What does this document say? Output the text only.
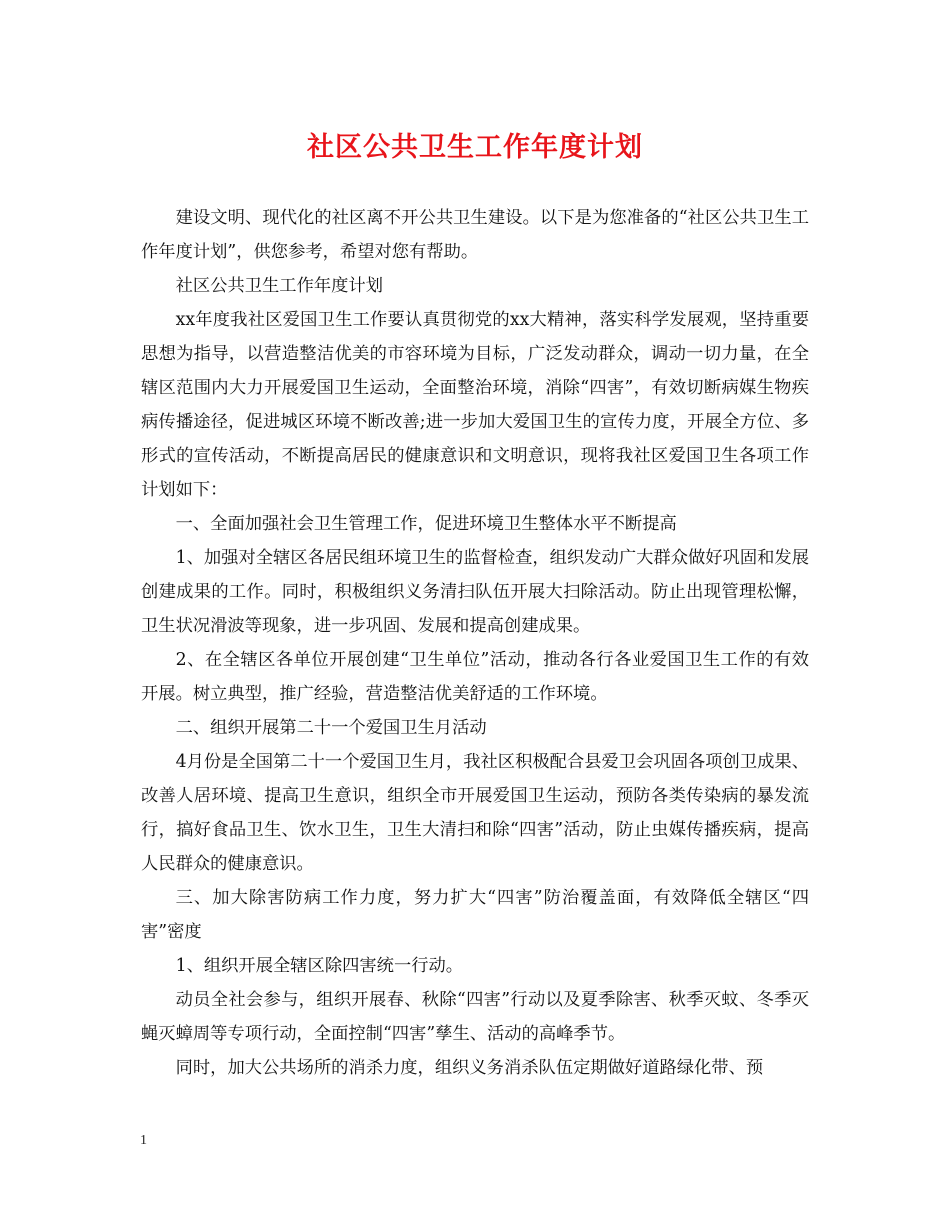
社区公共卫生工作年度计划

建设文明、现代化的社区离不开公共卫生建设。以下是为您准备的“社区公共卫生工作年度计划”，供您参考，希望对您有帮助。

社区公共卫生工作年度计划

xx年度我社区爱国卫生工作要认真贯彻党的xx大精神，落实科学发展观，坚持重要思想为指导，以营造整洁优美的市容环境为目标，广泛发动群众，调动一切力量，在全辖区范围内大力开展爱国卫生运动，全面整治环境，消除“四害”，有效切断病媒生物疾病传播途径，促进城区环境不断改善;进一步加大爱国卫生的宣传力度，开展全方位、多形式的宣传活动，不断提高居民的健康意识和文明意识，现将我社区爱国卫生各项工作计划如下：

一、全面加强社会卫生管理工作，促进环境卫生整体水平不断提高

1、加强对全辖区各居民组环境卫生的监督检查，组织发动广大群众做好巩固和发展创建成果的工作。同时，积极组织义务清扫队伍开展大扫除活动。防止出现管理松懈，卫生状况滑波等现象，进一步巩固、发展和提高创建成果。

2、在全辖区各单位开展创建“卫生单位”活动，推动各行各业爱国卫生工作的有效开展。树立典型，推广经验，营造整洁优美舒适的工作环境。

二、组织开展第二十一个爱国卫生月活动

4月份是全国第二十一个爱国卫生月，我社区积极配合县爱卫会巩固各项创卫成果、改善人居环境、提高卫生意识，组织全市开展爱国卫生运动，预防各类传染病的暴发流行，搞好食品卫生、饮水卫生，卫生大清扫和除“四害”活动，防止虫媒传播疾病，提高人民群众的健康意识。

三、加大除害防病工作力度，努力扩大“四害”防治覆盖面，有效降低全辖区“四害”密度

1、组织开展全辖区除四害统一行动。

动员全社会参与，组织开展春、秋除“四害”行动以及夏季除害、秋季灭蚊、冬季灭蝇灭蟑周等专项行动，全面控制“四害”孳生、活动的高峰季节。

同时，加大公共场所的消杀力度，组织义务消杀队伍定期做好道路绿化带、预

1
